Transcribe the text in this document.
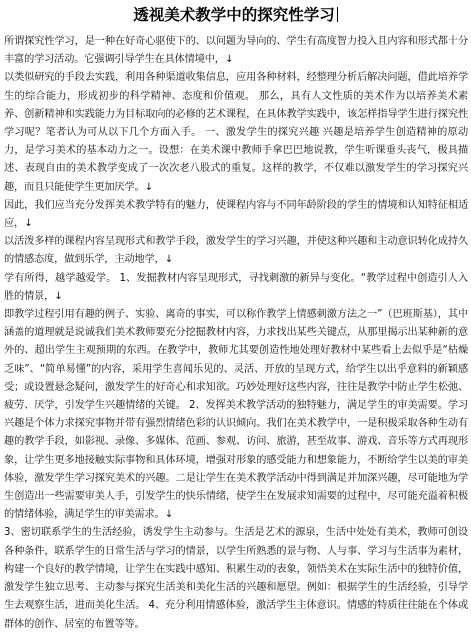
透视美术教学中的探究性学习

所谓探究性学习，是一种在好奇心驱使下的、以问题为导向的、学生有高度智力投入且内容和形式都十分丰富的学习活动。它强调引导学生在具体情境中，↓

以类似研究的手段去实践，利用各种渠道收集信息，应用各种材料，经整理分析后解决问题，借此培养学生的综合能力，形成初步的科学精神、态度和价值观。 那么，具有人文性质的美术作为以培养美术素养、创新精神和实践能力为目标取向的必修的艺术课程，在具体教学实践中，该怎样指导学生进行探究性学习呢？笔者认为可从以下几个方面入手。 一、激发学生的探究兴趣 兴趣是培养学生创造精神的原动力，是学习美术的基本动力之一。设想：在美术课中教师手拿巴巴地说教，学生听课垂头丧气，极具描述、表现自由的美术教学变成了一次次老八股式的重复。这样的教学，不仅难以激发学生的学习探究兴趣，而且只能使学生更加厌学。↓

因此，我们应当充分发挥美术教学特有的魅力，使课程内容与不同年龄阶段的学生的情境和认知特征相适应，↓

以活泼多样的课程内容呈现形式和教学手段，激发学生的学习兴趣，并使这种兴趣和主动意识转化成持久的情感态度，做到乐学，主动地学，↓

学有所得，越学越爱学。 1、发掘教材内容呈现形式，寻找刺激的新异与变化。“教学过程中创造引人入胜的情景，↓

即教学过程引用有趣的例子、实验、离奇的事实，可以称作教学上情感刺激方法之一”（巴班斯基），其中涵盖的道理就是说诚我们美术教师要充分挖掘教材内容，力求找出某些关键点，从那里揭示出某种新的意外的、超出学生主观预期的东西。在教学中，教师尤其要创造性地处理好教材中某些看上去似乎是“枯燥乏味”、“简单易懂”的内容，采用学生喜闻乐见的、灵活、开放的呈现方式，给学生以出乎意料的新颖感受；或设置悬念疑问，激发学生的好奇心和求知欲。巧妙处理好这些内容，往往是教学中防止学生松弛、疲劳、厌学，引发学生兴趣情绪的关键。 2、发挥美术教学活动的独特魅力，满足学生的审美需要。学习兴趣是个体力求探究事物并带有强烈情绪色彩的认识倾向。我们在美术教学中，一是积极采取各种生动有趣的教学手段，如影视、录像、多媒体、范画、参观、访问、旅游，甚至故事、游戏、音乐等方式再现形象，让学生更多地接触实际事物和具体环境，增强对形象的感受能力和想象能力，不断给学生以美的审美体验，激发学生学习探究美术的兴趣。二是让学生在美术教学活动中得到满足并加深兴趣，尽可能地为学生创造出一些需要审美人手，引发学生的快乐情绪，使学生在发展求知需要的过程中，尽可能充溢着积极的情绪体验，满足学生的审美需求。↓

3、密切联系学生的生活经验，诱发学生主动参与。生活是艺术的源泉，生活中处处有美术，教师可创设各种条件，联系学生的日常生活与学习的情景，以学生所熟悉的景与物、人与事、学习与生活事为素材，构建一个良好的教学情境，让学生在实践中感知、积累生动的表象，领悟美术在实际生活中的独特价值，激发学生独立思考、主动参与探究生活美和美化生活的兴趣和愿望。例如：根据学生的生活经验，引导学生去观察生活，进而美化生活。 4、充分利用情感体验，激活学生主体意识。情感的特质往往能在个体或群体的创作、居室的布置等等。
